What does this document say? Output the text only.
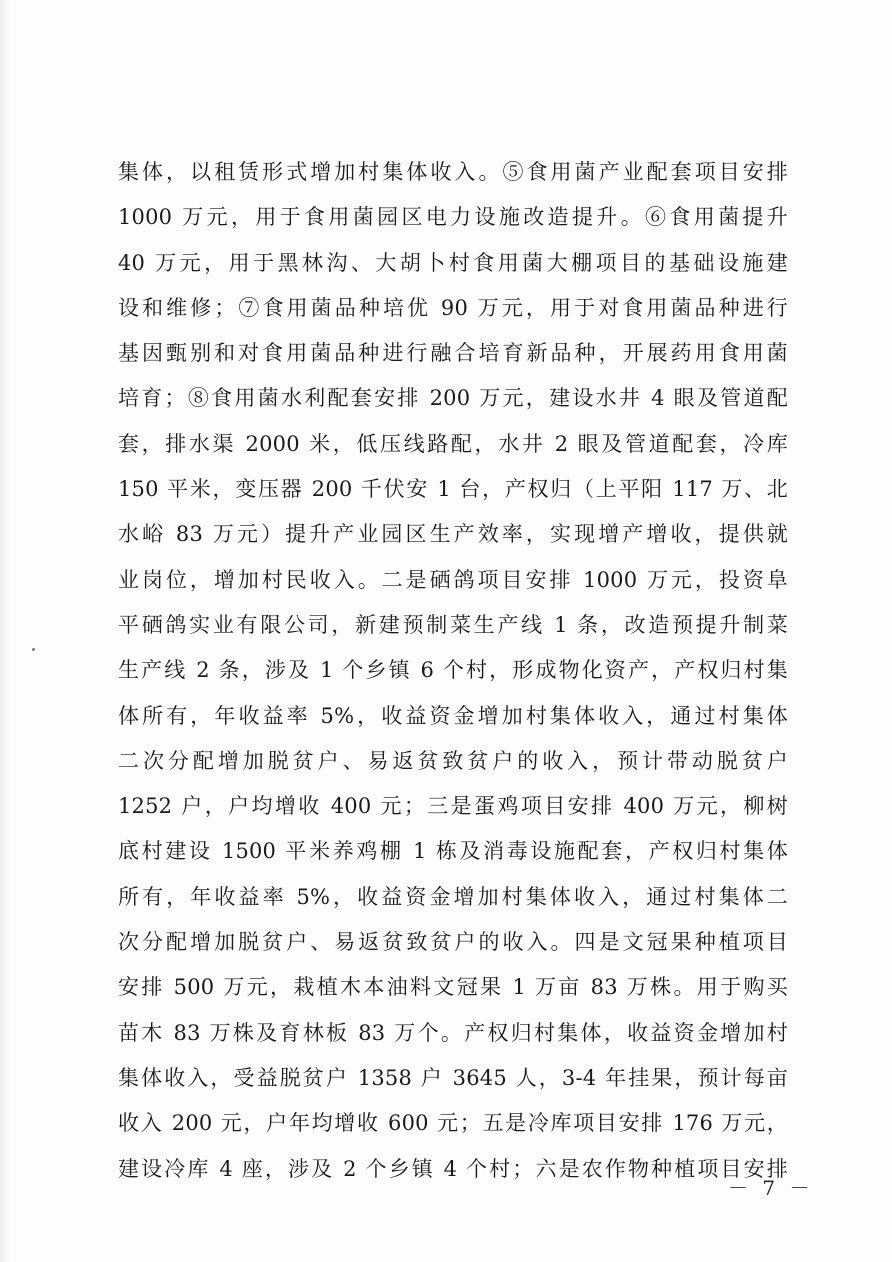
集体，以租赁形式增加村集体收入。⑤食用菌产业配套项目安排
1000 万元，用于食用菌园区电力设施改造提升。⑥食用菌提升
40 万元，用于黑林沟、大胡卜村食用菌大棚项目的基础设施建
设和维修；⑦食用菌品种培优 90 万元，用于对食用菌品种进行
基因甄别和对食用菌品种进行融合培育新品种，开展药用食用菌
培育；⑧食用菌水利配套安排 200 万元，建设水井 4 眼及管道配
套，排水渠 2000 米，低压线路配，水井 2 眼及管道配套，冷库
150 平米，变压器 200 千伏安 1 台，产权归（上平阳 117 万、北
水峪 83 万元）提升产业园区生产效率，实现增产增收，提供就
业岗位，增加村民收入。二是硒鸽项目安排 1000 万元，投资阜
平硒鸽实业有限公司，新建预制菜生产线 1 条，改造预提升制菜
生产线 2 条，涉及 1 个乡镇 6 个村，形成物化资产，产权归村集
体所有，年收益率 5%，收益资金增加村集体收入，通过村集体
二次分配增加脱贫户、易返贫致贫户的收入，预计带动脱贫户
1252 户，户均增收 400 元；三是蛋鸡项目安排 400 万元，柳树
底村建设 1500 平米养鸡棚 1 栋及消毒设施配套，产权归村集体
所有，年收益率 5%，收益资金增加村集体收入，通过村集体二
次分配增加脱贫户、易返贫致贫户的收入。四是文冠果种植项目
安排 500 万元，栽植木本油料文冠果 1 万亩 83 万株。用于购买
苗木 83 万株及育林板 83 万个。产权归村集体，收益资金增加村
集体收入，受益脱贫户 1358 户 3645 人，3-4 年挂果，预计每亩
收入 200 元，户年均增收 600 元；五是冷库项目安排 176 万元，
建设冷库 4 座，涉及 2 个乡镇 4 个村；六是农作物种植项目安排
－ 7 －
